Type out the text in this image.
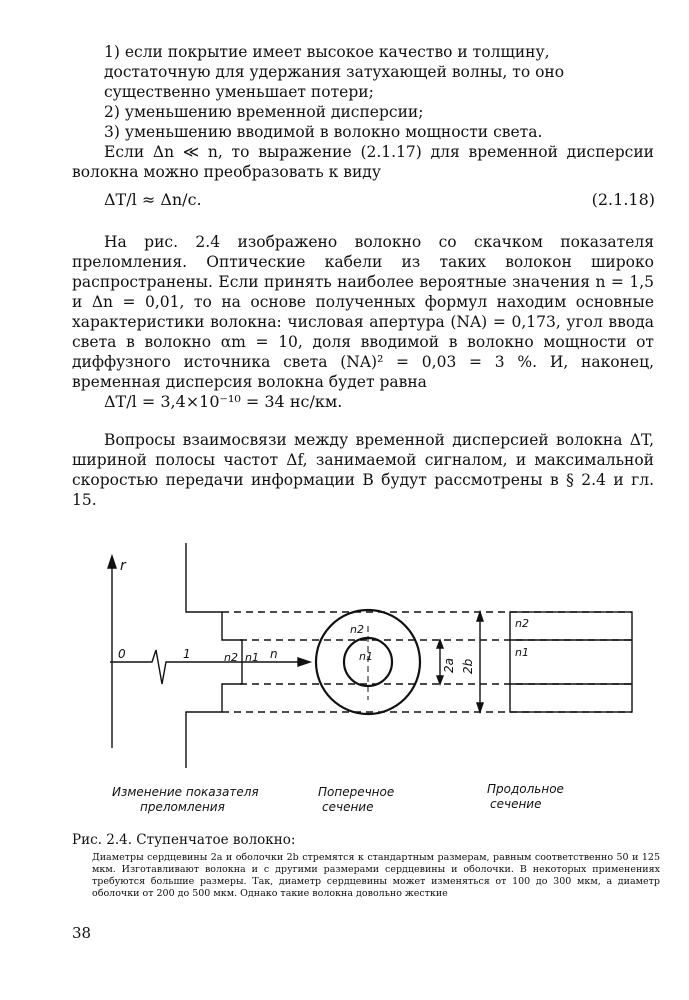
1) если покрытие имеет высокое качество и толщину, достаточную для удержания затухающей волны, то оно существенно уменьшает потери;

2) уменьшению временной дисперсии;

3) уменьшению вводимой в волокно мощности света.

Если Δn ≪ n, то выражение (2.1.17) для временной дисперсии волокна можно преобразовать к виду

ΔT/l ≈ Δn/c.	(2.1.18)

На рис. 2.4 изображено волокно со скачком показателя преломления. Оптические кабели из таких волокон широко распространены. Если принять наиболее вероятные значения n = 1,5 и Δn = 0,01, то на основе полученных формул находим основные характеристики волокна: числовая апертура (NA) = 0,173, угол ввода света в волокно αm = 10, доля вводимой в волокно мощности от диффузного источника света (NA)² = 0,03 = 3 %. И, наконец, временная дисперсия волокна будет равна

ΔT/l = 3,4×10⁻¹⁰ = 34 нс/км.

Вопросы взаимосвязи между временной дисперсией волокна ΔT, шириной полосы частот Δf, занимаемой сигналом, и максимальной скоростью передачи информации B будут рассмотрены в § 2.4 и гл. 15.

r
0	1	n2 n1 n
n2
n1
2a 2b
n2
n1
Изменение показателя
преломления
Поперечное
сечение
Продольное
сечение
Рис. 2.4. Ступенчатое волокно:

Диаметры сердцевины 2a и оболочки 2b стремятся к стандартным размерам, равным соответственно 50 и 125 мкм. Изготавливают волокна и с другими размерами сердцевины и оболочки. В некоторых применениях требуются большие размеры. Так, диаметр сердцевины может изменяться от 100 до 300 мкм, а диаметр оболочки от 200 до 500 мкм. Однако такие волокна довольно жесткие

38
